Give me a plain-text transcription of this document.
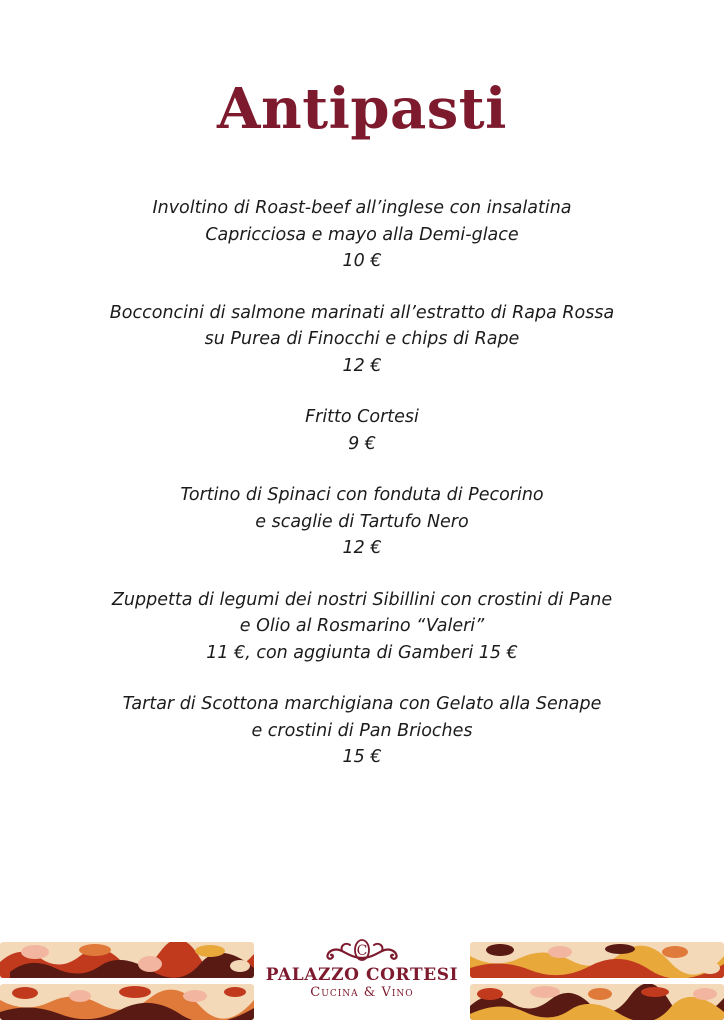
Antipasti
Involtino di Roast-beef all’inglese con insalatina
Capricciosa e mayo alla Demi-glace
10 €
Bocconcini di salmone marinati all’estratto di Rapa Rossa
su Purea di Finocchi e chips di Rape
12 €
Fritto Cortesi
9 €
Tortino di Spinaci con fonduta di Pecorino
e scaglie di Tartufo Nero
12 €
Zuppetta di legumi dei nostri Sibillini con crostini di Pane
e Olio al Rosmarino “Valeri”
11 €, con aggiunta di Gamberi 15 €
Tartar di Scottona marchigiana con Gelato alla Senape
e crostini di Pan Brioches
15 €
C
PALAZZO CORTESI
Cucina & Vino
